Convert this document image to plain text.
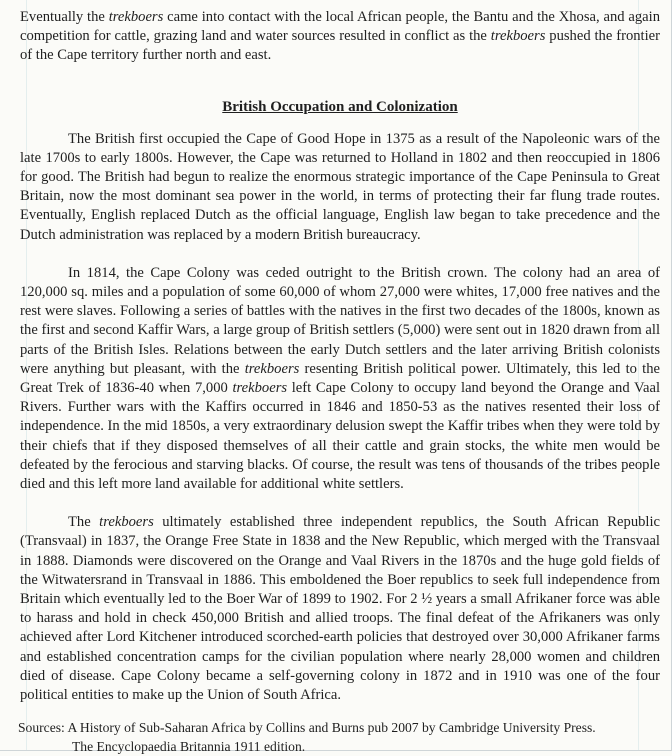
Eventually the trekboers came into contact with the local African people, the Bantu and the Xhosa, and again competition for cattle, grazing land and water sources resulted in conflict as the trekboers pushed the frontier of the Cape territory further north and east.

British Occupation and Colonization

The British first occupied the Cape of Good Hope in 1375 as a result of the Napoleonic wars of the late 1700s to early 1800s. However, the Cape was returned to Holland in 1802 and then reoccupied in 1806 for good. The British had begun to realize the enormous strategic importance of the Cape Peninsula to Great Britain, now the most dominant sea power in the world, in terms of protecting their far flung trade routes. Eventually, English replaced Dutch as the official language, English law began to take precedence and the Dutch administration was replaced by a modern British bureaucracy.

In 1814, the Cape Colony was ceded outright to the British crown. The colony had an area of 120,000 sq. miles and a population of some 60,000 of whom 27,000 were whites, 17,000 free natives and the rest were slaves. Following a series of battles with the natives in the first two decades of the 1800s, known as the first and second Kaffir Wars, a large group of British settlers (5,000) were sent out in 1820 drawn from all parts of the British Isles. Relations between the early Dutch settlers and the later arriving British colonists were anything but pleasant, with the trekboers resenting British political power. Ultimately, this led to the Great Trek of 1836-40 when 7,000 trekboers left Cape Colony to occupy land beyond the Orange and Vaal Rivers. Further wars with the Kaffirs occurred in 1846 and 1850-53 as the natives resented their loss of independence. In the mid 1850s, a very extraordinary delusion swept the Kaffir tribes when they were told by their chiefs that if they disposed themselves of all their cattle and grain stocks, the white men would be defeated by the ferocious and starving blacks. Of course, the result was tens of thousands of the tribes people died and this left more land available for additional white settlers.

The trekboers ultimately established three independent republics, the South African Republic (Transvaal) in 1837, the Orange Free State in 1838 and the New Republic, which merged with the Transvaal in 1888. Diamonds were discovered on the Orange and Vaal Rivers in the 1870s and the huge gold fields of the Witwatersrand in Transvaal in 1886. This emboldened the Boer republics to seek full independence from Britain which eventually led to the Boer War of 1899 to 1902. For 2 ½ years a small Afrikaner force was able to harass and hold in check 450,000 British and allied troops. The final defeat of the Afrikaners was only achieved after Lord Kitchener introduced scorched-earth policies that destroyed over 30,000 Afrikaner farms and established concentration camps for the civilian population where nearly 28,000 women and children died of disease. Cape Colony became a self-governing colony in 1872 and in 1910 was one of the four political entities to make up the Union of South Africa.

Sources: A History of Sub-Saharan Africa by Collins and Burns pub 2007 by Cambridge University Press.
The Encyclopaedia Britannia 1911 edition.
